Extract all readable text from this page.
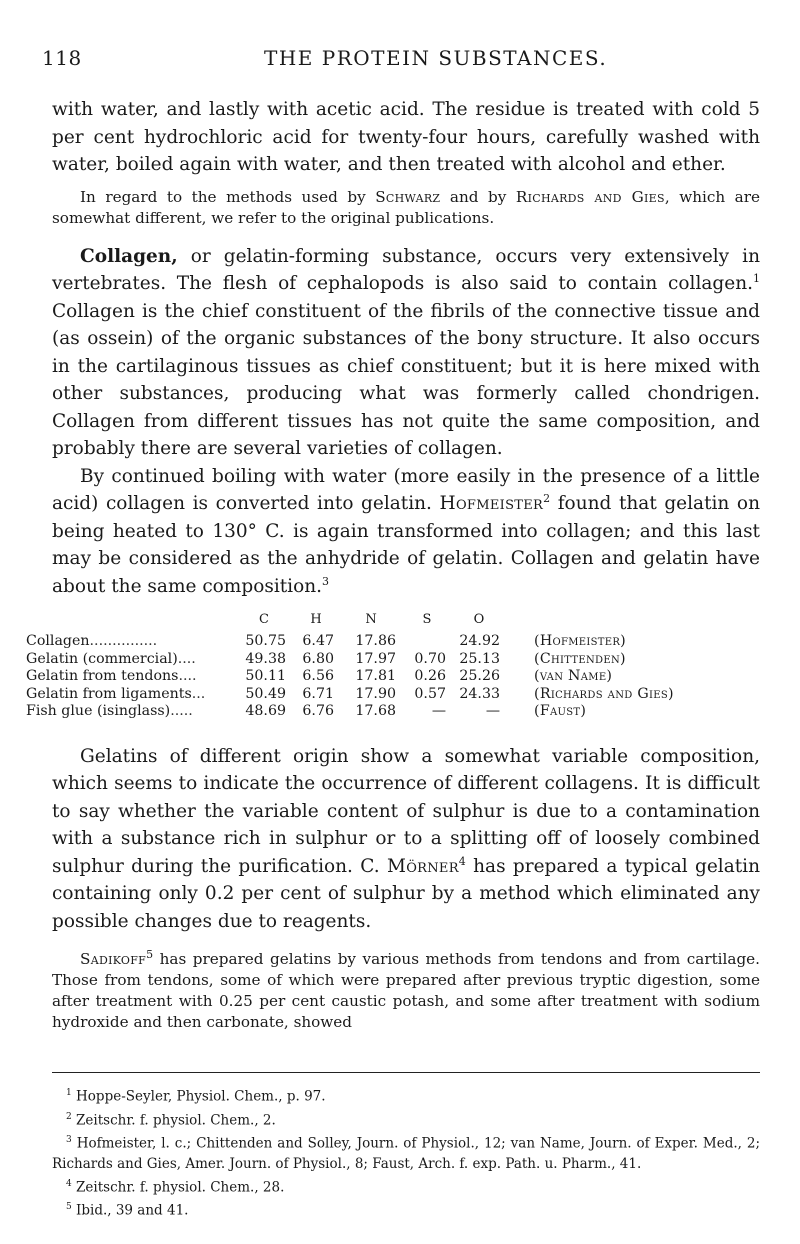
118	THE PROTEIN SUBSTANCES.

with water, and lastly with acetic acid. The residue is treated with cold 5 per cent hydrochloric acid for twenty-four hours, carefully washed with water, boiled again with water, and then treated with alcohol and ether.

In regard to the methods used by Schwarz and by Richards and Gies, which are somewhat different, we refer to the original publications.

Collagen, or gelatin-forming substance, occurs very extensively in vertebrates. The flesh of cephalopods is also said to contain collagen.$^1$ Collagen is the chief constituent of the fibrils of the connective tissue and (as ossein) of the organic substances of the bony structure. It also occurs in the cartilaginous tissues as chief constituent; but it is here mixed with other substances, producing what was formerly called chondrigen. Collagen from different tissues has not quite the same composition, and probably there are several varieties of collagen.

By continued boiling with water (more easily in the presence of a little acid) collagen is converted into gelatin. Hofmeister$^2$ found that gelatin on being heated to 130° C. is again transformed into collagen; and this last may be considered as the anhydride of gelatin. Collagen and gelatin have about the same composition.$^3$

	C	H	N	S	O	
Collagen...............	50.75	6.47	17.86		24.92	(Hofmeister)
Gelatin (commercial)....	49.38	6.80	17.97	0.70	25.13	(Chittenden)
Gelatin from tendons....	50.11	6.56	17.81	0.26	25.26	(van Name)
Gelatin from ligaments...	50.49	6.71	17.90	0.57	24.33	(Richards and Gies)
Fish glue (isinglass).....	48.69	6.76	17.68	—	—	(Faust)

Gelatins of different origin show a somewhat variable composition, which seems to indicate the occurrence of different collagens. It is difficult to say whether the variable content of sulphur is due to a contamination with a substance rich in sulphur or to a splitting off of loosely combined sulphur during the purification. C. Mörner$^4$ has prepared a typical gelatin containing only 0.2 per cent of sulphur by a method which eliminated any possible changes due to reagents.

Sadikoff$^5$ has prepared gelatins by various methods from tendons and from cartilage. Those from tendons, some of which were prepared after previous tryptic digestion, some after treatment with 0.25 per cent caustic potash, and some after treatment with sodium hydroxide and then carbonate, showed

$^1$ Hoppe-Seyler, Physiol. Chem., p. 97.

$^2$ Zeitschr. f. physiol. Chem., 2.

$^3$ Hofmeister, l. c.; Chittenden and Solley, Journ. of Physiol., 12; van Name, Journ. of Exper. Med., 2; Richards and Gies, Amer. Journ. of Physiol., 8; Faust, Arch. f. exp. Path. u. Pharm., 41.

$^4$ Zeitschr. f. physiol. Chem., 28.

$^5$ Ibid., 39 and 41.
